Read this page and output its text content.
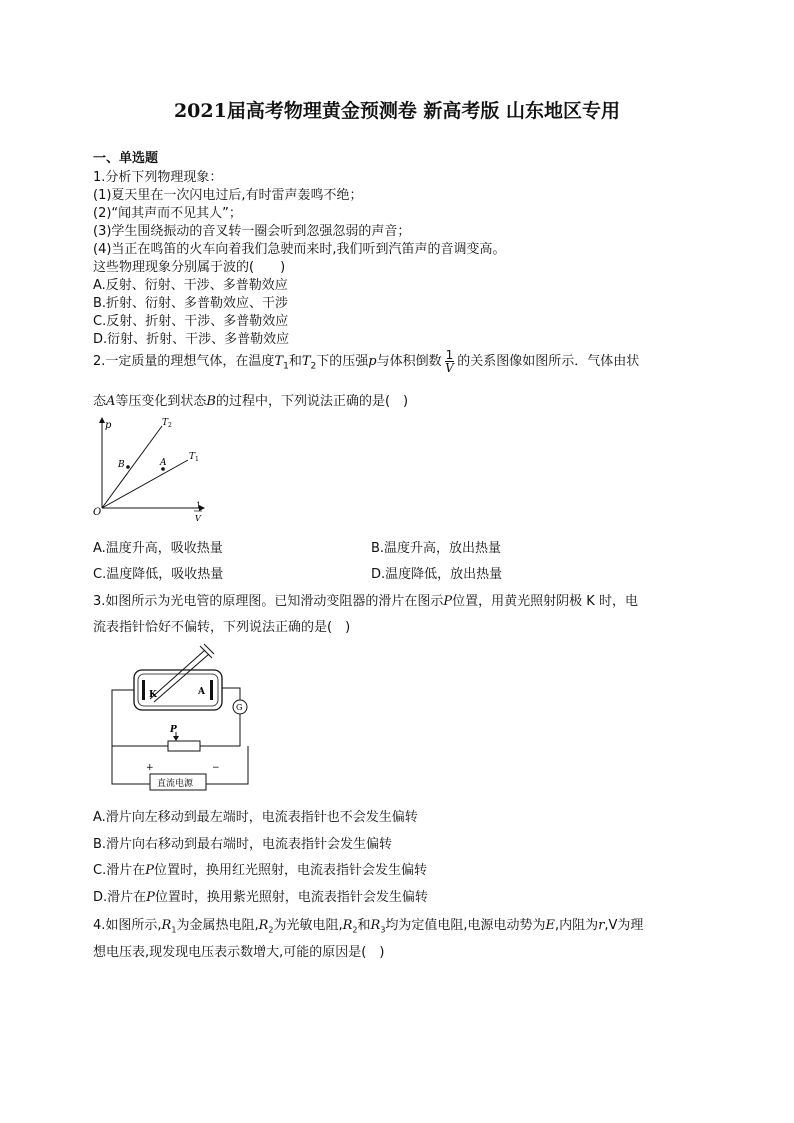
2021届高考物理黄金预测卷 新高考版 山东地区专用
一、单选题
1.分析下列物理现象：
(1)夏天里在一次闪电过后,有时雷声轰鸣不绝；
(2)“闻其声而不见其人”；
(3)学生围绕振动的音叉转一圈会听到忽强忽弱的声音；
(4)当正在鸣笛的火车向着我们急驶而来时,我们听到汽笛声的音调变高。
这些物理现象分别属于波的(　　)
A.反射、衍射、干涉、多普勒效应
B.折射、衍射、多普勒效应、干涉
C.反射、折射、干涉、多普勒效应
D.衍射、折射、干涉、多普勒效应
2.一定质量的理想气体，在温度$T_1$和$T_2$下的压强p与体积倒数 $\frac{1}{V}$ 的关系图像如图所示．气体由状
态A等压变化到状态B的过程中，下列说法正确的是(　)
p
O
T 2
T 1
B	A
1
V
A.温度升高，吸收热量	B.温度升高，放出热量
C.温度降低，吸收热量	D.温度降低，放出热量
3.如图所示为光电管的原理图。已知滑动变阻器的滑片在图示P位置，用黄光照射阴极 K 时，电
流表指针恰好不偏转，下列说法正确的是(　)
K	A
G
P
直流电源
+	−
A.滑片向左移动到最左端时，电流表指针也不会发生偏转
B.滑片向右移动到最右端时，电流表指针会发生偏转
C.滑片在P位置时，换用红光照射，电流表指针会发生偏转
D.滑片在P位置时，换用紫光照射，电流表指针会发生偏转
4.如图所示$,R_1$为金属热电阻$,R_2$为光敏电阻$,R_2$和$R_3$均为定值电阻,电源电动势为E,内阻为r,V为理
想电压表,现发现电压表示数增大,可能的原因是(　)
